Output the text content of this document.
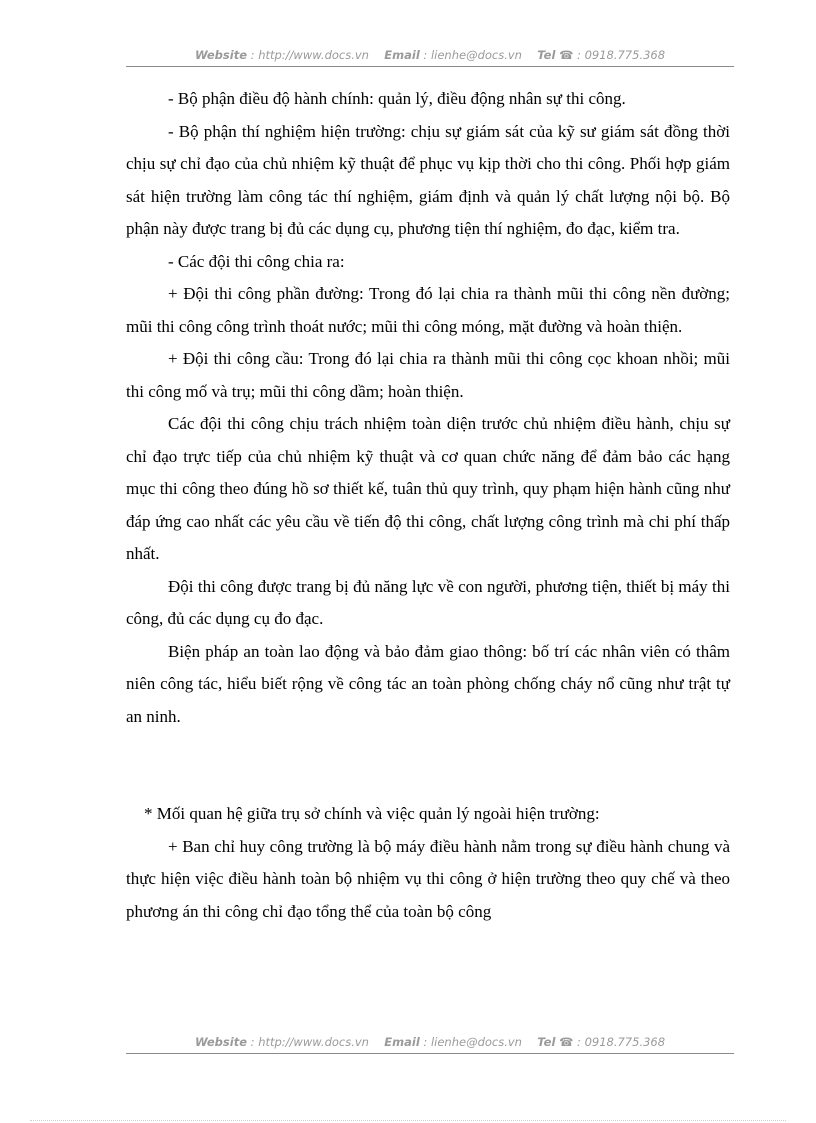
Website : http://www.docs.vn Email : lienhe@docs.vn Tel ☎ : 0918.775.368

- Bộ phận điều độ hành chính: quản lý, điều động nhân sự thi công.

- Bộ phận thí nghiệm hiện trường: chịu sự giám sát của kỹ sư giám sát đồng thời chịu sự chỉ đạo của chủ nhiệm kỹ thuật để phục vụ kịp thời cho thi công. Phối hợp giám sát hiện trường làm công tác thí nghiệm, giám định và quản lý chất lượng nội bộ. Bộ phận này được trang bị đủ các dụng cụ, phương tiện thí nghiệm, đo đạc, kiểm tra.

- Các đội thi công chia ra:

+ Đội thi công phần đường: Trong đó lại chia ra thành mũi thi công nền đường; mũi thi công công trình thoát nước; mũi thi công móng, mặt đường và hoàn thiện.

+ Đội thi công cầu: Trong đó lại chia ra thành mũi thi công cọc khoan nhồi; mũi thi công mố và trụ; mũi thi công dầm; hoàn thiện.

Các đội thi công chịu trách nhiệm toàn diện trước chủ nhiệm điều hành, chịu sự chỉ đạo trực tiếp của chủ nhiệm kỹ thuật và cơ quan chức năng để đảm bảo các hạng mục thi công theo đúng hồ sơ thiết kế, tuân thủ quy trình, quy phạm hiện hành cũng như đáp ứng cao nhất các yêu cầu về tiến độ thi công, chất lượng công trình mà chi phí thấp nhất.

Đội thi công được trang bị đủ năng lực về con người, phương tiện, thiết bị máy thi công, đủ các dụng cụ đo đạc.

Biện pháp an toàn lao động và bảo đảm giao thông: bố trí các nhân viên có thâm niên công tác, hiểu biết rộng về công tác an toàn phòng chống cháy nổ cũng như trật tự an ninh.

* Mối quan hệ giữa trụ sở chính và việc quản lý ngoài hiện trường:

+ Ban chỉ huy công trường là bộ máy điều hành nằm trong sự điều hành chung và thực hiện việc điều hành toàn bộ nhiệm vụ thi công ở hiện trường theo quy chế và theo phương án thi công chỉ đạo tổng thể của toàn bộ công

Website : http://www.docs.vn Email : lienhe@docs.vn Tel ☎ : 0918.775.368
